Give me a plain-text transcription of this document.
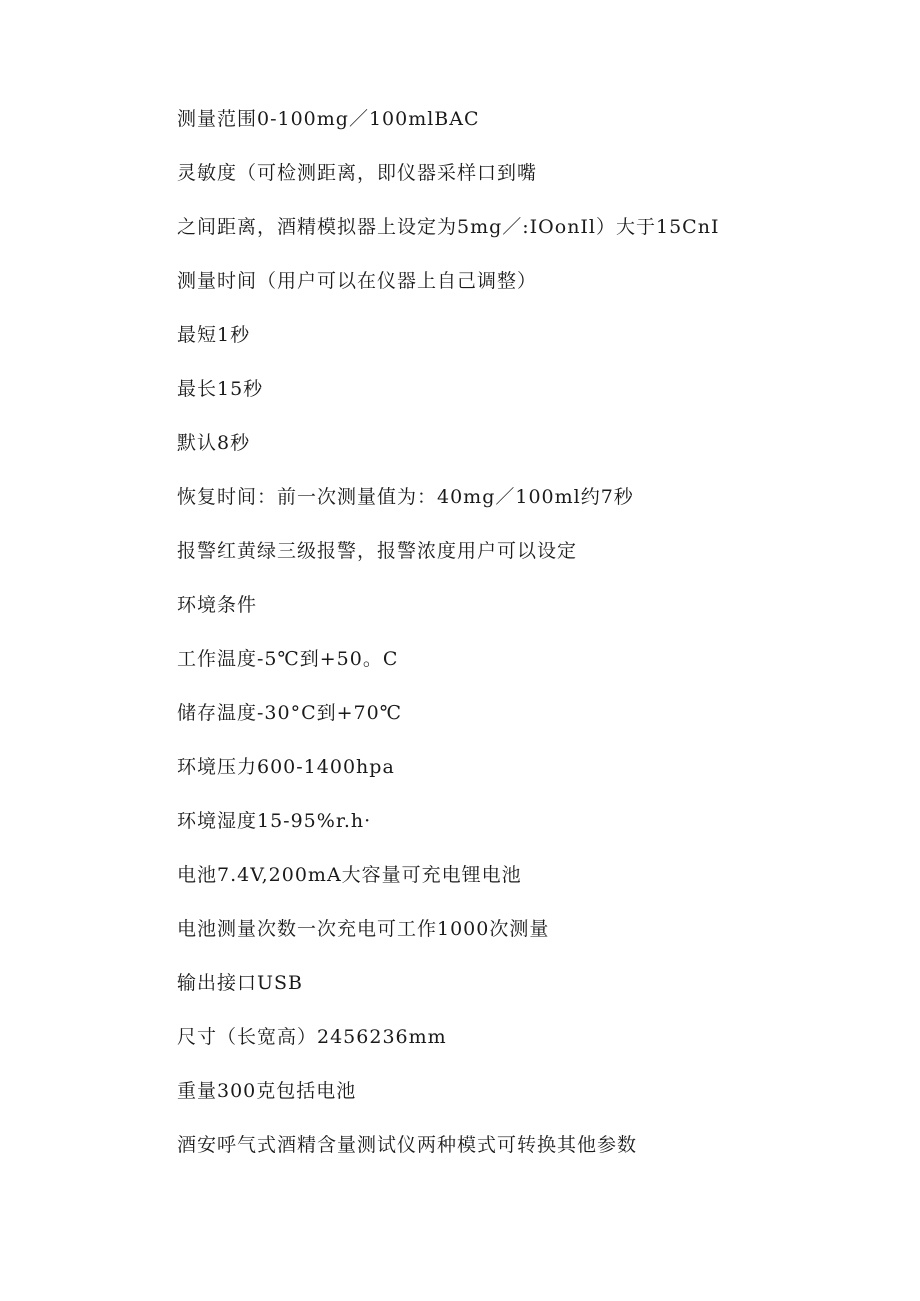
测量范围0-100mg／100mlBAC
灵敏度（可检测距离，即仪器采样口到嘴
之间距离，酒精模拟器上设定为5mg／:IOonIl）大于15CnI
测量时间（用户可以在仪器上自己调整）
最短1秒
最长15秒
默认8秒
恢复时间：前一次测量值为：40mg／100ml约7秒
报警红黄绿三级报警，报警浓度用户可以设定
环境条件
工作温度-5℃到+50。C
储存温度-30°C到+70℃
环境压力600-1400hpa
环境湿度15-95%r.h·
电池7.4V,200mA大容量可充电锂电池
电池测量次数一次充电可工作1000次测量
输出接口USB
尺寸（长宽高）2456236mm
重量300克包括电池
酒安呼气式酒精含量测试仪两种模式可转换其他参数
